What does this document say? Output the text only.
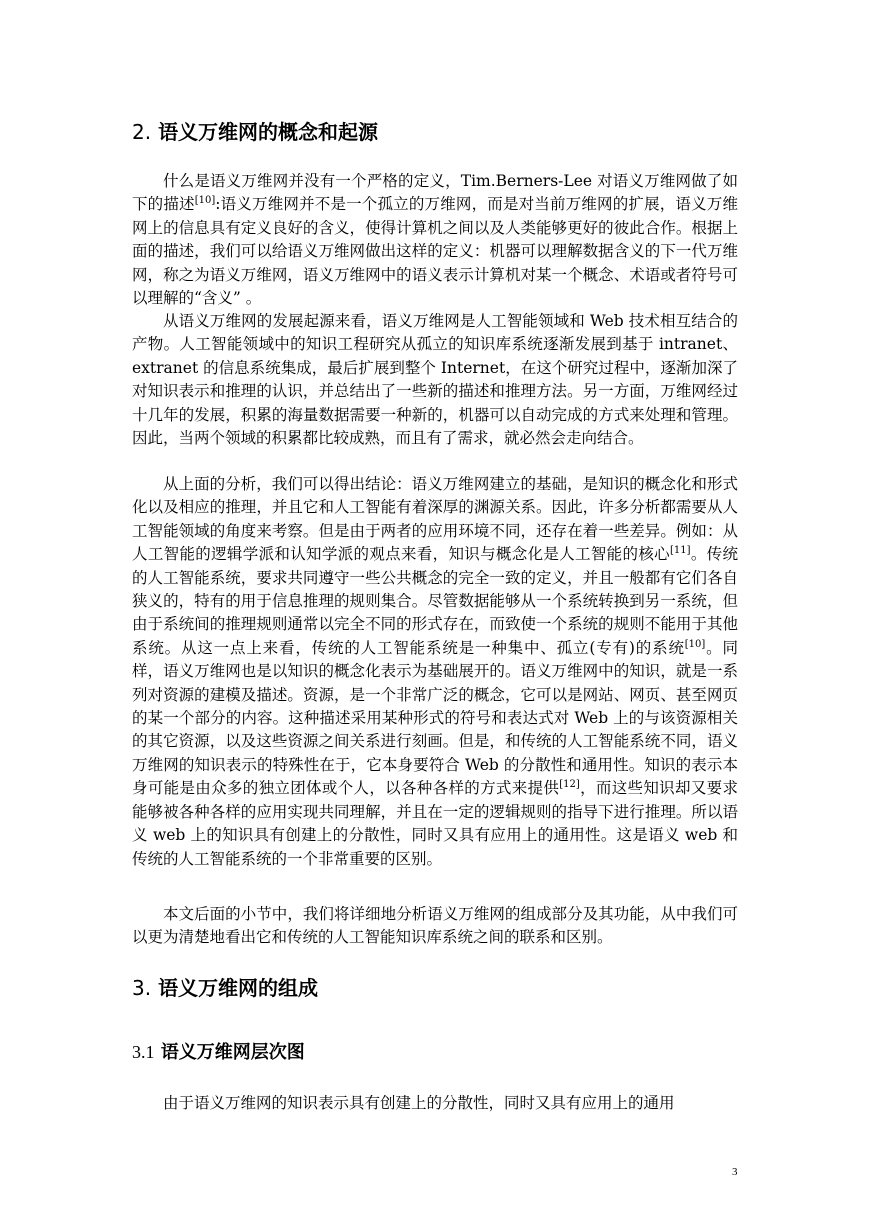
2. 语义万维网的概念和起源

什么是语义万维网并没有一个严格的定义，Tim.Berners-Lee 对语义万维网做了如下的描述[10]:语义万维网并不是一个孤立的万维网，而是对当前万维网的扩展，语义万维网上的信息具有定义良好的含义，使得计算机之间以及人类能够更好的彼此合作。根据上面的描述，我们可以给语义万维网做出这样的定义：机器可以理解数据含义的下一代万维网，称之为语义万维网，语义万维网中的语义表示计算机对某一个概念、术语或者符号可以理解的“含义” 。

从语义万维网的发展起源来看，语义万维网是人工智能领域和 Web 技术相互结合的产物。人工智能领域中的知识工程研究从孤立的知识库系统逐渐发展到基于 intranet、extranet 的信息系统集成，最后扩展到整个 Internet，在这个研究过程中，逐渐加深了对知识表示和推理的认识，并总结出了一些新的描述和推理方法。另一方面，万维网经过十几年的发展，积累的海量数据需要一种新的，机器可以自动完成的方式来处理和管理。因此，当两个领域的积累都比较成熟，而且有了需求，就必然会走向结合。

从上面的分析，我们可以得出结论：语义万维网建立的基础，是知识的概念化和形式化以及相应的推理，并且它和人工智能有着深厚的渊源关系。因此，许多分析都需要从人工智能领域的角度来考察。但是由于两者的应用环境不同，还存在着一些差异。例如：从人工智能的逻辑学派和认知学派的观点来看，知识与概念化是人工智能的核心[11]。传统的人工智能系统，要求共同遵守一些公共概念的完全一致的定义，并且一般都有它们各自狭义的，特有的用于信息推理的规则集合。尽管数据能够从一个系统转换到另一系统，但由于系统间的推理规则通常以完全不同的形式存在，而致使一个系统的规则不能用于其他系统。从这一点上来看，传统的人工智能系统是一种集中、孤立(专有)的系统[10]。同样，语义万维网也是以知识的概念化表示为基础展开的。语义万维网中的知识，就是一系列对资源的建模及描述。资源，是一个非常广泛的概念，它可以是网站、网页、甚至网页的某一个部分的内容。这种描述采用某种形式的符号和表达式对 Web 上的与该资源相关的其它资源，以及这些资源之间关系进行刻画。但是，和传统的人工智能系统不同，语义万维网的知识表示的特殊性在于，它本身要符合 Web 的分散性和通用性。知识的表示本身可能是由众多的独立团体或个人，以各种各样的方式来提供[12]，而这些知识却又要求能够被各种各样的应用实现共同理解，并且在一定的逻辑规则的指导下进行推理。所以语义 web 上的知识具有创建上的分散性，同时又具有应用上的通用性。这是语义 web 和传统的人工智能系统的一个非常重要的区别。

本文后面的小节中，我们将详细地分析语义万维网的组成部分及其功能，从中我们可以更为清楚地看出它和传统的人工智能知识库系统之间的联系和区别。

3. 语义万维网的组成
3.1 语义万维网层次图

由于语义万维网的知识表示具有创建上的分散性，同时又具有应用上的通用

3
